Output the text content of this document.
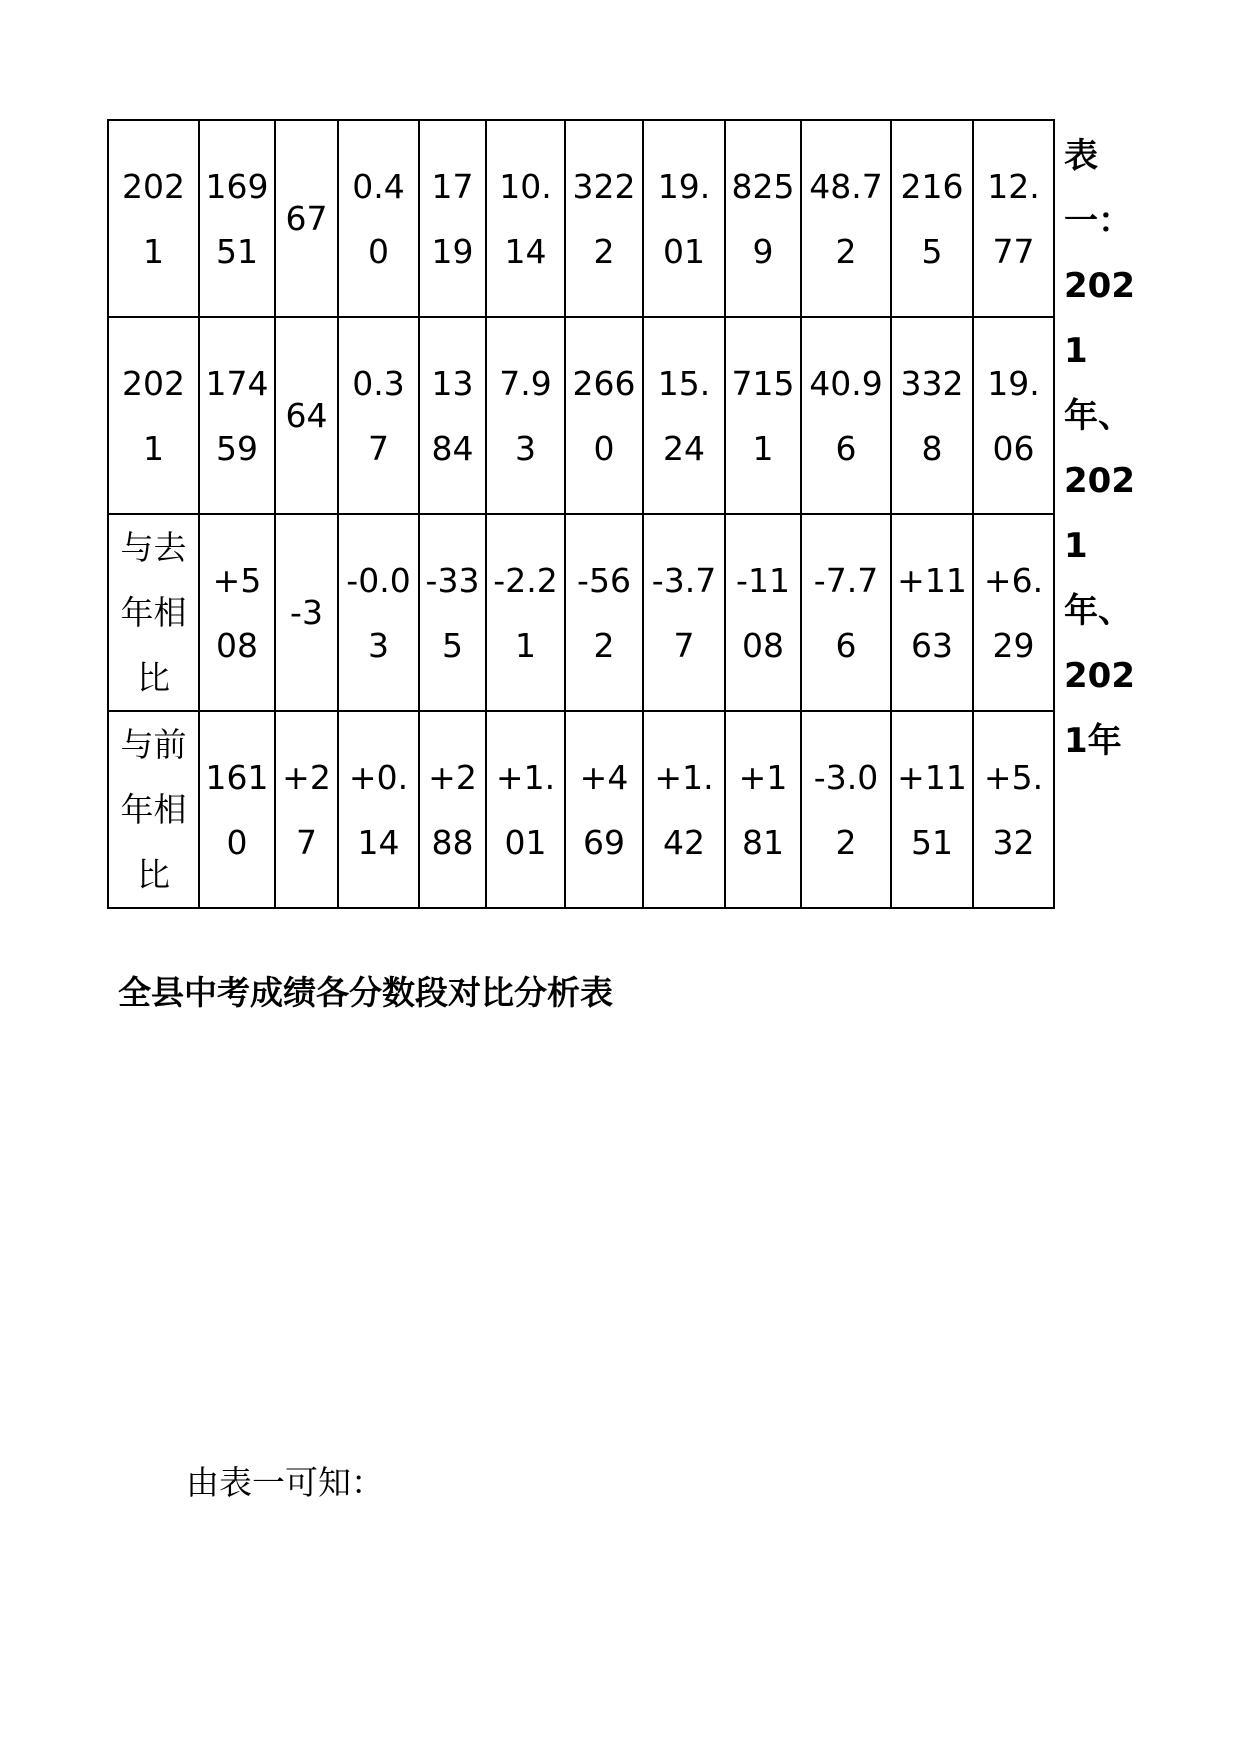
2021	16951	67	0.40	1719	10.14	3222	19.01	8259	48.72	2165	12.77
2021	17459	64	0.37	1384	7.93	2660	15.24	7151	40.96	3328	19.06
与去年相比	+508	-3	-0.03	-335	-2.21	-562	-3.77	-1108	-7.76	+1163	+6.29
与前年相比	1610	+27	+0.14	+288	+1.01	+469	+1.42	+181	-3.02	+1151	+5.32
表一：2021年、2021年、2021年
全县中考成绩各分数段对比分析表
由表一可知：
